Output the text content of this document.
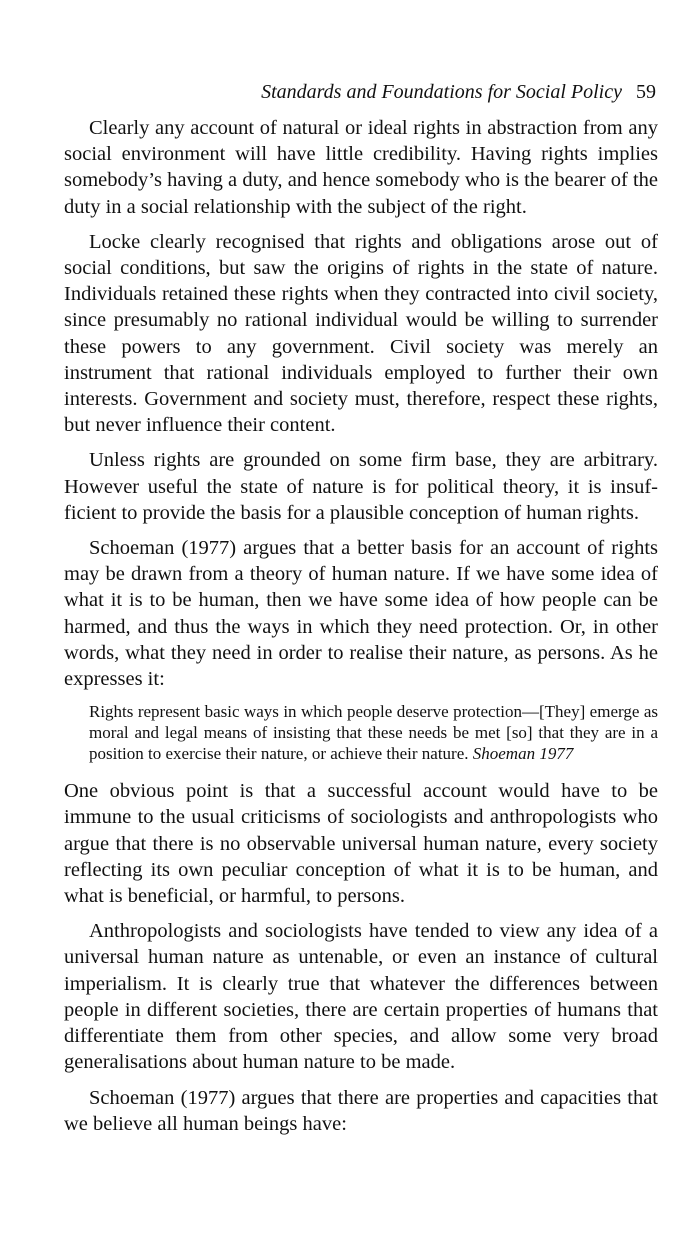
Standards and Foundations for Social Policy 59

Clearly any account of natural or ideal rights in abstraction from any social environment will have little credibility. Having rights implies somebody’s having a duty, and hence somebody who is the bearer of the duty in a social relationship with the subject of the right.

Locke clearly recognised that rights and obligations arose out of social conditions, but saw the origins of rights in the state of nature. Individuals retained these rights when they contracted into civil society, since presumably no rational individual would be willing to surrender these powers to any government. Civil society was merely an instrument that rational individuals employed to further their own interests. Government and society must, therefore, respect these rights, but never influence their content.

Unless rights are grounded on some firm base, they are arbitrary. However useful the state of nature is for political theory, it is insufficient to provide the basis for a plausible conception of human rights.

Schoeman (1977) argues that a better basis for an account of rights may be drawn from a theory of human nature. If we have some idea of what it is to be human, then we have some idea of how people can be harmed, and thus the ways in which they need protection. Or, in other words, what they need in order to realise their nature, as persons. As he expresses it:

Rights represent basic ways in which people deserve protection—[They] emerge as moral and legal means of insisting that these needs be met [so] that they are in a position to exercise their nature, or achieve their nature. Shoeman 1977

One obvious point is that a successful account would have to be immune to the usual criticisms of sociologists and anthropologists who argue that there is no observable universal human nature, every society reflecting its own peculiar conception of what it is to be human, and what is beneficial, or harmful, to persons.

Anthropologists and sociologists have tended to view any idea of a universal human nature as untenable, or even an instance of cultural imperialism. It is clearly true that whatever the differences between people in different societies, there are certain properties of humans that differentiate them from other species, and allow some very broad generalisations about human nature to be made.

Schoeman (1977) argues that there are properties and capacities that we believe all human beings have:
